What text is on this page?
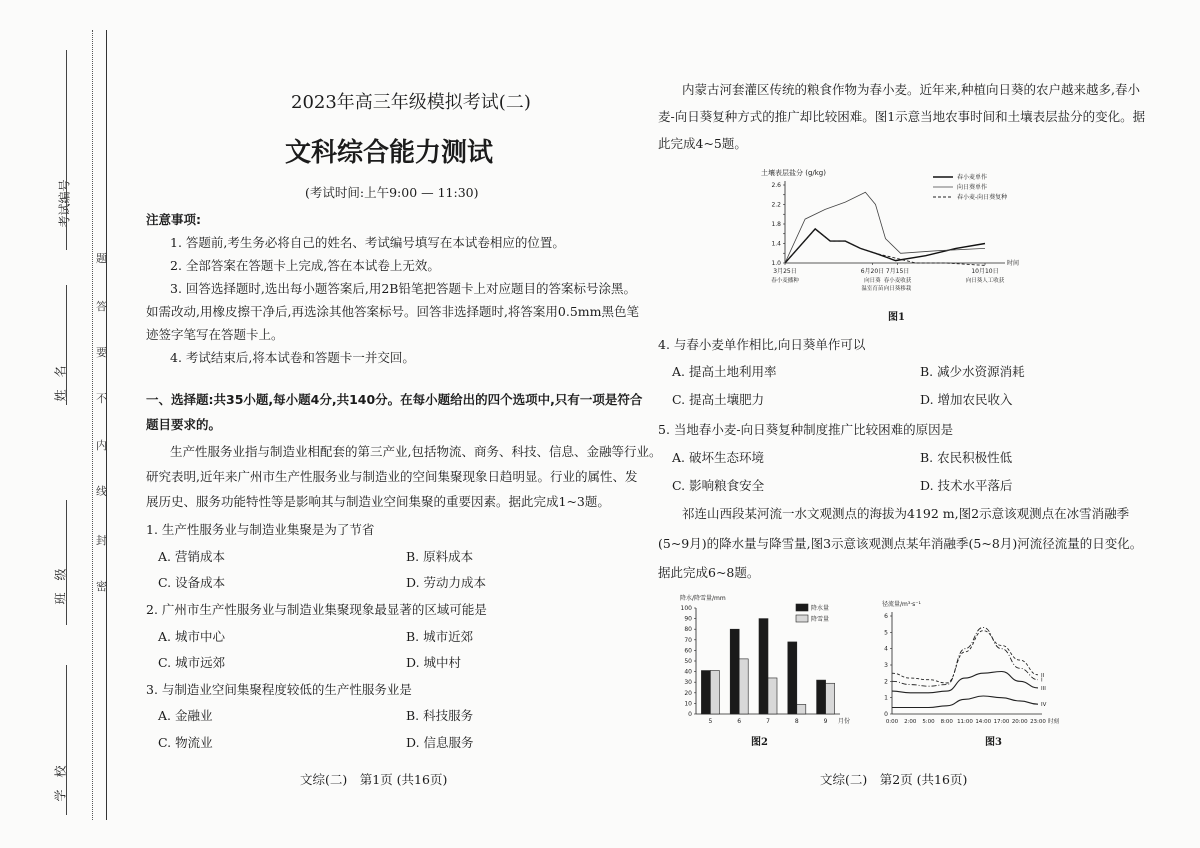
考试编号
姓　名
班　级
学　校
题
答
要
不
内
线
封
密
2023年高三年级模拟考试(二)
文科综合能力测试
(考试时间:上午9:00 — 11:30)
注意事项:
1. 答题前,考生务必将自己的姓名、考试编号填写在本试卷相应的位置。
2. 全部答案在答题卡上完成,答在本试卷上无效。
3. 回答选择题时,选出每小题答案后,用2B铅笔把答题卡上对应题目的答案标号涂黑。
如需改动,用橡皮擦干净后,再选涂其他答案标号。回答非选择题时,将答案用0.5mm黑色笔
迹签字笔写在答题卡上。
4. 考试结束后,将本试卷和答题卡一并交回。
一、选择题:共35小题,每小题4分,共140分。在每小题给出的四个选项中,只有一项是符合
题目要求的。
生产性服务业指与制造业相配套的第三产业,包括物流、商务、科技、信息、金融等行业。
研究表明,近年来广州市生产性服务业与制造业的空间集聚现象日趋明显。行业的属性、发
展历史、服务功能特性等是影响其与制造业空间集聚的重要因素。据此完成1~3题。
1. 生产性服务业与制造业集聚是为了节省
A. 营销成本	B. 原料成本
C. 设备成本	D. 劳动力成本
2. 广州市生产性服务业与制造业集聚现象最显著的区域可能是
A. 城市中心	B. 城市近郊
C. 城市远郊	D. 城中村
3. 与制造业空间集聚程度较低的生产性服务业是
A. 金融业	B. 科技服务
C. 物流业	D. 信息服务
文综(二)　第1页 (共16页)
内蒙古河套灌区传统的粮食作物为春小麦。近年来,种植向日葵的农户越来越多,春小
麦-向日葵复种方式的推广却比较困难。图1示意当地农事时间和土壤表层盐分的变化。据
此完成4~5题。
土壤表层盐分 (g/kg)
1.0
1.4
1.8
2.2
2.6
时间
春小麦单作
向日葵单作
春小麦-向日葵复种
3月25日
春小麦播种
6月20日
向日葵
温室育苗
7月15日
春小麦收获
向日葵移栽
10月10日
向日葵人工收获
图1
4. 与春小麦单作相比,向日葵单作可以
A. 提高土地利用率	B. 减少水资源消耗
C. 提高土壤肥力	D. 增加农民收入
5. 当地春小麦-向日葵复种制度推广比较困难的原因是
A. 破坏生态环境	B. 农民积极性低
C. 影响粮食安全	D. 技术水平落后
祁连山西段某河流一水文观测点的海拔为4192 m,图2示意该观测点在冰雪消融季
(5~9月)的降水量与降雪量,图3示意该观测点某年消融季(5~8月)河流径流量的日变化。
据此完成6~8题。
降水/降雪量/mm
0
10
20
30
40
50
60
70
80
90
100
5	6	7	8	9 月份
降水量
降雪量
图2
径流量/m³·s⁻¹
0
1
2
3
4
5
6
0:00 2:00 5:00 8:00 11:00 14:00 17:00 20:00 23:00 时刻
I
II
III
IV
图3
文综(二)　第2页 (共16页)
